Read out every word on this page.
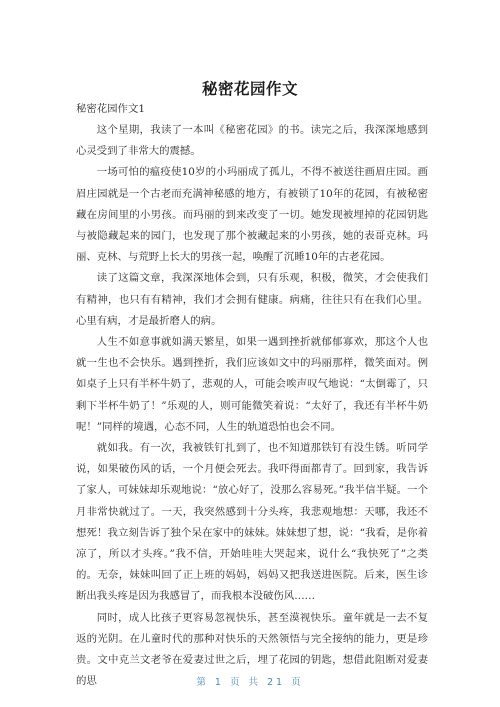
秘密花园作文

秘密花园作文1

这个星期，我读了一本叫《秘密花园》的书。读完之后，我深深地感到心灵受到了非常大的震撼。

一场可怕的瘟疫使10岁的小玛丽成了孤儿，不得不被送往画眉庄园。画眉庄园就是一个古老而充满神秘感的地方，有被锁了10年的花园，有被秘密藏在房间里的小男孩。而玛丽的到来改变了一切。她发现被埋掉的花园钥匙与被隐藏起来的园门，也发现了那个被藏起来的小男孩，她的表哥克林。玛丽、克林、与荒野上长大的男孩一起，唤醒了沉睡10年的古老花园。

读了这篇文章，我深深地体会到，只有乐观，积极，微笑，才会使我们有精神，也只有有精神，我们才会拥有健康。病痛，往往只有在我们心里。心里有病，才是最折磨人的病。

人生不如意事就如满天繁星，如果一遇到挫折就郁郁寡欢，那这个人也就一生也不会快乐。遇到挫折，我们应该如文中的玛丽那样，微笑面对。例如桌子上只有半杯牛奶了，悲观的人，可能会唉声叹气地说：“太倒霉了，只剩下半杯牛奶了！”乐观的人，则可能微笑着说：“太好了，我还有半杯牛奶呢！”同样的境遇，心态不同，人生的轨道恐怕也会不同。

就如我。有一次，我被铁钉扎到了，也不知道那铁钉有没生锈。听同学说，如果破伤风的话，一个月便会死去。我吓得面都青了。回到家，我告诉了家人，可妹妹却乐观地说：“放心好了，没那么容易死。”我半信半疑。一个月非常快就过了。一天，我突然感到十分头疼，我悲观地想：天哪，我还不想死！我立刻告诉了独个呆在家中的妹妹。妹妹想了想，说：“我看，是你着凉了，所以才头疼。”我不信，开始哇哇大哭起来，说什么“我快死了”之类的。无奈，妹妹叫回了正上班的妈妈，妈妈又把我送进医院。后来，医生诊断出我头疼是因为我感冒了，而我根本没破伤风……

同时，成人比孩子更容易忽视快乐，甚至漠视快乐。童年就是一去不复返的光阴。在儿童时代的那种对快乐的天然领悟与完全接纳的能力，更是珍贵。文中克兰文老爷在爱妻过世之后，埋了花园的钥匙，想借此阻断对爱妻的思	第 1 页 共 21 页
